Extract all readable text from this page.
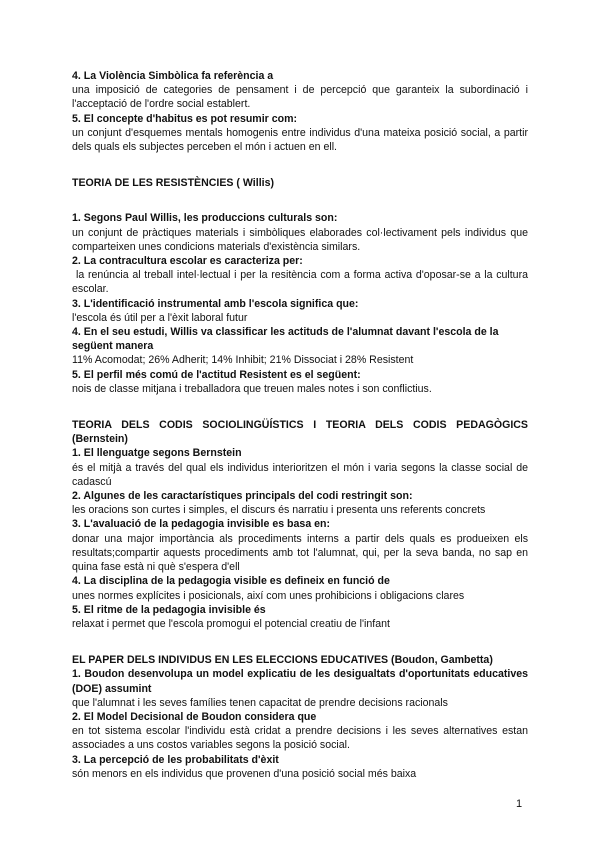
4. La Violència Simbòlica fa referència a

una imposició de categories de pensament i de percepció que garanteix la subordinació i l'acceptació de l'ordre social establert.

5. El concepte d'habitus es pot resumir com:

un conjunt d'esquemes mentals homogenis entre individus d'una mateixa posició social, a partir dels quals els subjectes perceben el món i actuen en ell.

TEORIA DE LES RESISTÈNCIES ( Willis)

1. Segons Paul Willis, les produccions culturals son:

un conjunt de pràctiques materials i simbòliques elaborades col·lectivament pels individus que comparteixen unes condicions materials d'existència similars.

2. La contracultura escolar es caracteriza per:

la renúncia al treball intel·lectual i per la resitència com a forma activa d'oposar-se a la cultura escolar.

3. L'identificació instrumental amb l'escola significa que:

l'escola és útil per a l'èxit laboral futur

4. En el seu estudi, Willis va classificar les actituds de l'alumnat davant l'escola de la següent manera

11% Acomodat; 26% Adherit; 14% Inhibit; 21% Dissociat i 28% Resistent

5. El perfil més comú de l'actitud Resistent es el següent:

nois de classe mitjana i treballadora que treuen males notes i son conflictius.

TEORIA DELS CODIS SOCIOLINGÜÍSTICS I TEORIA DELS CODIS PEDAGÒGICS (Bernstein)

1. El llenguatge segons Bernstein

és el mitjà a través del qual els individus interioritzen el món i varia segons la classe social de cadascú

2. Algunes de les caractarístiques principals del codi restringit son:

les oracions son curtes i simples, el discurs és narratiu i presenta uns referents concrets

3. L'avaluació de la pedagogia invisible es basa en:

donar una major importància als procediments interns a partir dels quals es produeixen els resultats;compartir aquests procediments amb tot l'alumnat, qui, per la seva banda, no sap en quina fase està ni què s'espera d'ell

4. La disciplina de la pedagogia visible es defineix en funció de

unes normes explícites i posicionals, així com unes prohibicions i obligacions clares

5. El ritme de la pedagogia invisible és

relaxat i permet que l'escola promogui el potencial creatiu de l'infant

EL PAPER DELS INDIVIDUS EN LES ELECCIONS EDUCATIVES (Boudon, Gambetta)

1. Boudon desenvolupa un model explicatiu de les desigualtats d'oportunitats educatives (DOE) assumint

que l'alumnat i les seves famílies tenen capacitat de prendre decisions racionals

2. El Model Decisional de Boudon considera que

en tot sistema escolar l'individu està cridat a prendre decisions i les seves alternatives estan associades a uns costos variables segons la posició social.

3. La percepció de les probabilitats d'èxit

són menors en els individus que provenen d'una posició social més baixa

1
